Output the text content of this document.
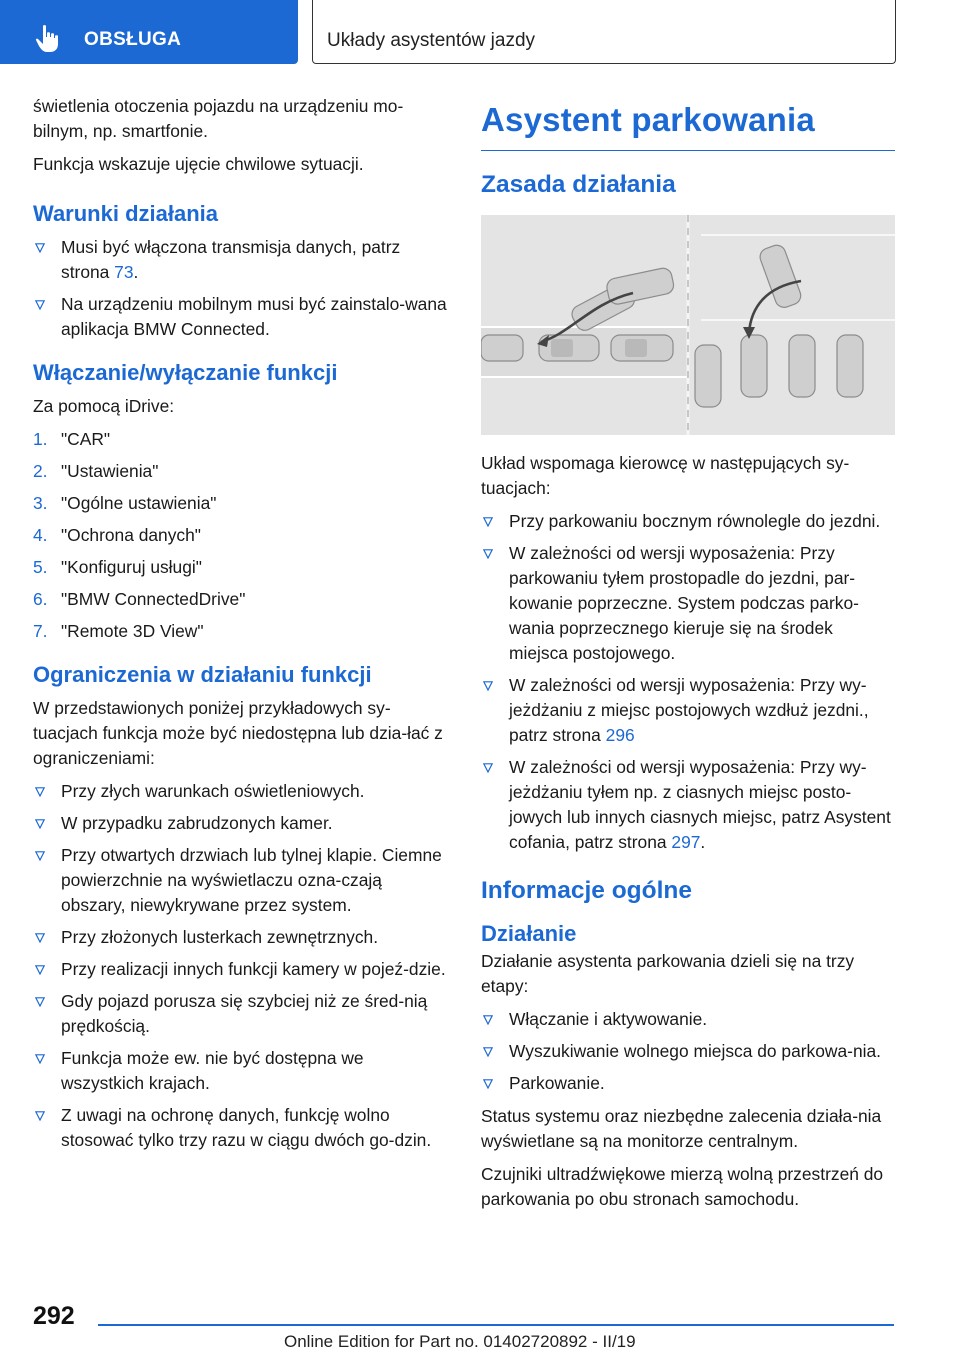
OBSŁUGA	Układy asystentów jazdy

świetlenia otoczenia pojazdu na urządzeniu mo‐bilnym, np. smartfonie.

Funkcja wskazuje ujęcie chwilowe sytuacji.

Warunki działania
Musi być włączona transmisja danych, patrz strona 73.
Na urządzeniu mobilnym musi być zainstalo‐wana aplikacja BMW Connected.
Włączanie/wyłączanie funkcji

Za pomocą iDrive:

1. "CAR"
2. "Ustawienia"
3. "Ogólne ustawienia"
4. "Ochrona danych"
5. "Konfiguruj usługi"
6. "BMW ConnectedDrive"
7. "Remote 3D View"
Ograniczenia w działaniu funkcji

W przedstawionych poniżej przykładowych sy‐tuacjach funkcja może być niedostępna lub dzia‐łać z ograniczeniami:

Przy złych warunkach oświetleniowych.
W przypadku zabrudzonych kamer.
Przy otwartych drzwiach lub tylnej klapie. Ciemne powierzchnie na wyświetlaczu ozna‐czają obszary, niewykrywane przez system.
Przy złożonych lusterkach zewnętrznych.
Przy realizacji innych funkcji kamery w pojeź‐dzie.
Gdy pojazd porusza się szybciej niż ze śred‐nią prędkością.
Funkcja może ew. nie być dostępna we wszystkich krajach.
Z uwagi na ochronę danych, funkcję wolno stosować tylko trzy razu w ciągu dwóch go‐dzin.
Asystent parkowania
Zasada działania

Układ wspomaga kierowcę w następujących sy‐tuacjach:

Przy parkowaniu bocznym równolegle do jezdni.
W zależności od wersji wyposażenia: Przy parkowaniu tyłem prostopadle do jezdni, par‐kowanie poprzeczne. System podczas parko‐wania poprzecznego kieruje się na środek miejsca postojowego.
W zależności od wersji wyposażenia: Przy wy‐jeżdżaniu z miejsc postojowych wzdłuż jezdni., patrz strona 296
W zależności od wersji wyposażenia: Przy wy‐jeżdżaniu tyłem np. z ciasnych miejsc posto‐jowych lub innych ciasnych miejsc, patrz Asystent cofania, patrz strona 297.
Informacje ogólne
Działanie

Działanie asystenta parkowania dzieli się na trzy etapy:

Włączanie i aktywowanie.
Wyszukiwanie wolnego miejsca do parkowa‐nia.
Parkowanie.

Status systemu oraz niezbędne zalecenia działa‐nia wyświetlane są na monitorze centralnym.

Czujniki ultradźwiękowe mierzą wolną przestrzeń do parkowania po obu stronach samochodu.

292
Online Edition for Part no. 01402720892 - II/19
